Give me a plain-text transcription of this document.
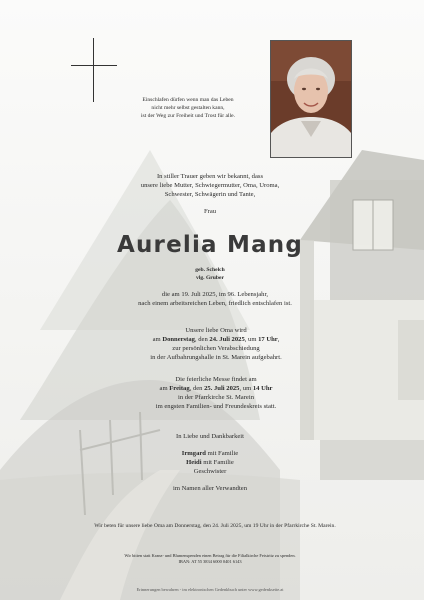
Einschlafen dürfen wenn man das Leben
nicht mehr selbst gestalten kann,
ist der Weg zur Freiheit und Trost für alle.
In stiller Trauer geben wir bekannt, dass
unsere liebe Mutter, Schwiegermutter, Oma, Uroma,
Schwester, Schwägerin und Tante,
Frau
Aurelia Mang
geb. Schelch
vlg. Gruber
die am 19. Juli 2025, im 96. Lebensjahr,
nach einem arbeitsreichen Leben, friedlich entschlafen ist.
Unsere liebe Oma wird
am Donnerstag, den 24. Juli 2025, um 17 Uhr,
zur persönlichen Verabschiedung
in der Aufbahrungshalle in St. Marein aufgebahrt.
Die feierliche Messe findet am
am Freitag, den 25. Juli 2025, um 14 Uhr
in der Pfarrkirche St. Marein
im engsten Familien- und Freundeskreis statt.
In Liebe und Dankbarkeit
Irmgard mit Familie
Heidi mit Familie
Geschwister
im Namen aller Verwandten
Wir beten für unsere liebe Oma am Donnerstag, den 24. Juli 2025, um 19 Uhr in der Pfarrkirche St. Marein.
Wir bitten statt Kranz- und Blumenspenden einen Betrag für die Filialkirche Feistritz zu spenden.
IBAN: AT 55 3834 6000 0401 6143
Erinnerungen bewahren - im elektronischen Gedenkbuch unter www.gedenkseite.at
